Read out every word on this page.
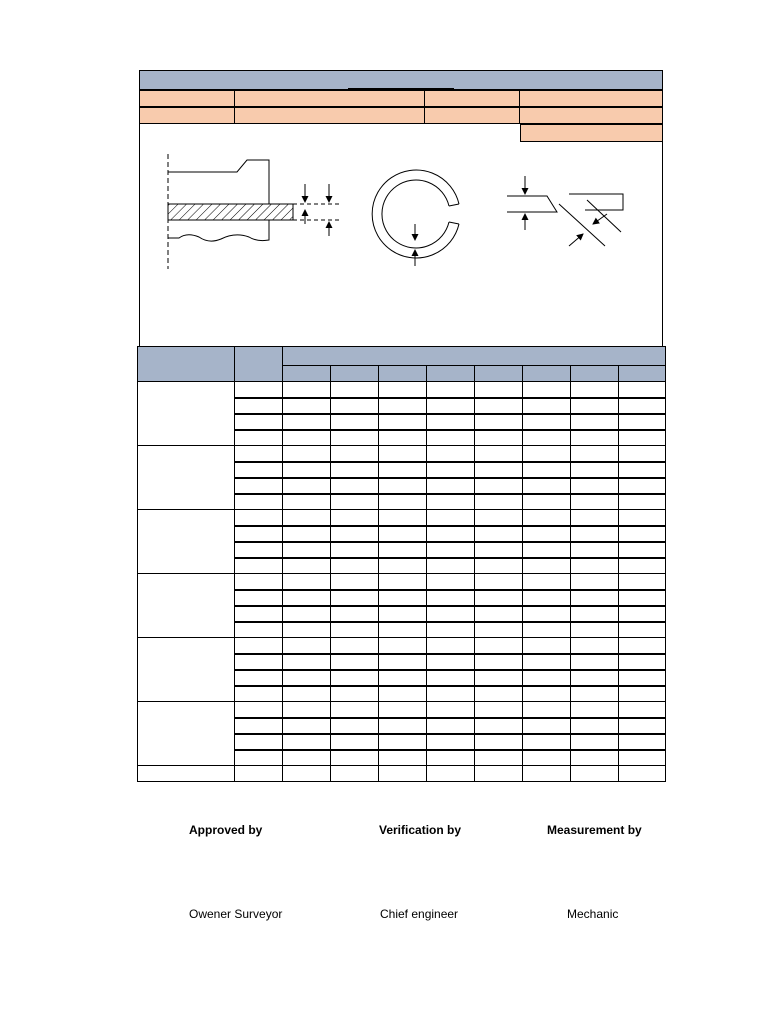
Approved by	Verification by	Measurement by
Owener Surveyor	Chief engineer	Mechanic
